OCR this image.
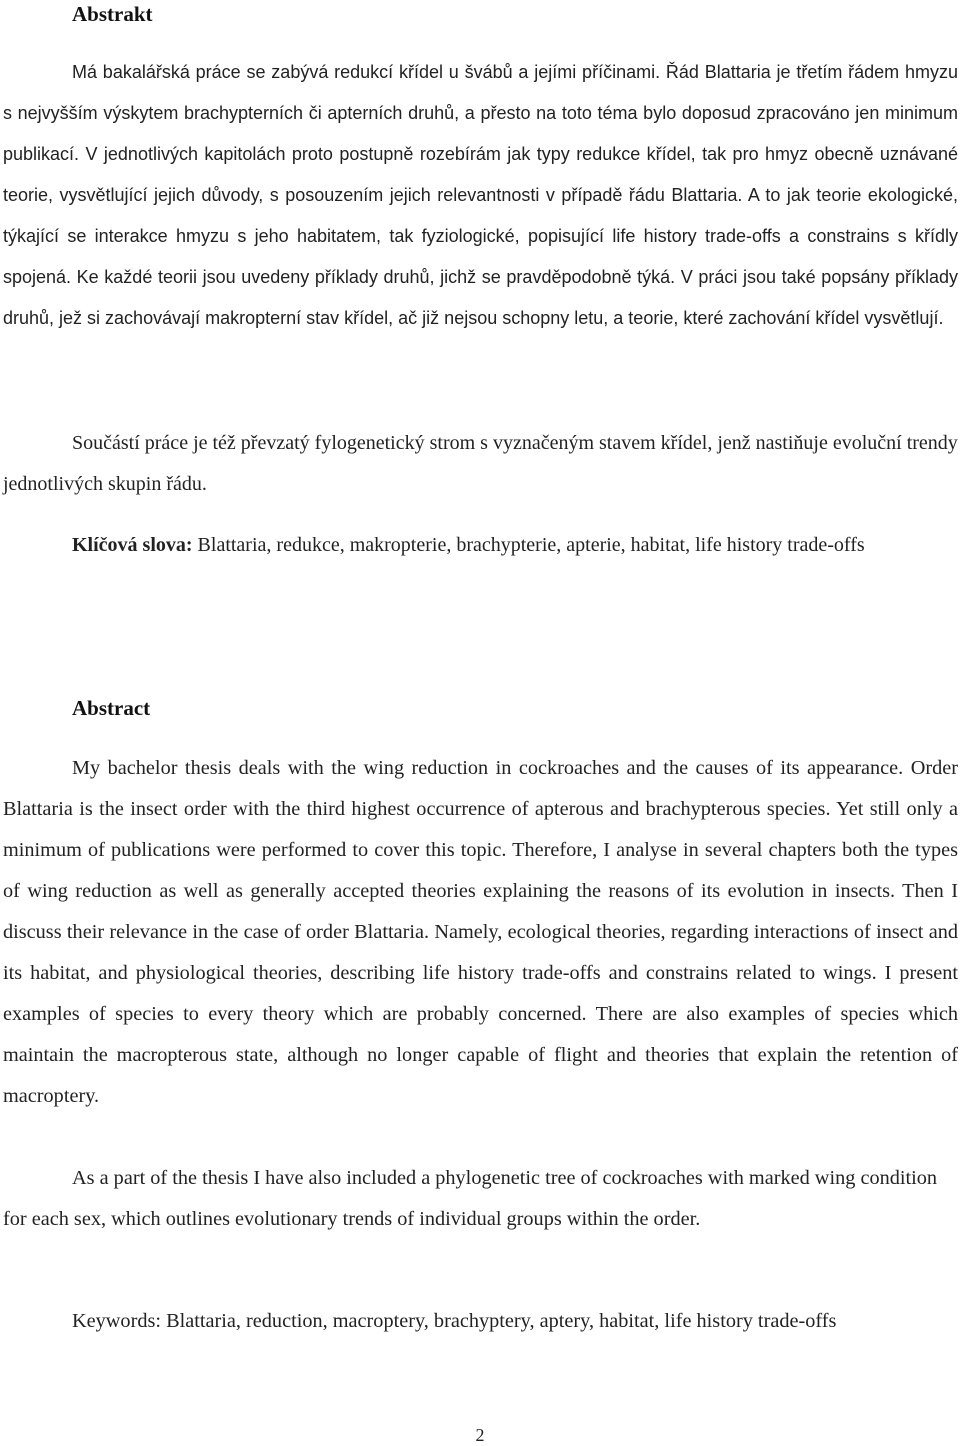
Abstrakt

Má bakalářská práce se zabývá redukcí křídel u švábů a jejími příčinami. Řád Blattaria je třetím řádem hmyzu s nejvyšším výskytem brachypterních či apterních druhů, a přesto na toto téma bylo doposud zpracováno jen minimum publikací. V jednotlivých kapitolách proto postupně rozebírám jak typy redukce křídel, tak pro hmyz obecně uznávané teorie, vysvětlující jejich důvody, s posouzením jejich relevantnosti v případě řádu Blattaria. A to jak teorie ekologické, týkající se interakce hmyzu s jeho habitatem, tak fyziologické, popisující life history trade-offs a constrains s křídly spojená. Ke každé teorii jsou uvedeny příklady druhů, jichž se pravděpodobně týká. V práci jsou také popsány příklady druhů, jež si zachovávají makropterní stav křídel, ač již nejsou schopny letu, a teorie, které zachování křídel vysvětlují.

Součástí práce je též převzatý fylogenetický strom s vyznačeným stavem křídel, jenž nastiňuje evoluční trendy jednotlivých skupin řádu.

Klíčová slova: Blattaria, redukce, makropterie, brachypterie, apterie, habitat, life history trade-offs

Abstract

My bachelor thesis deals with the wing reduction in cockroaches and the causes of its appearance. Order Blattaria is the insect order with the third highest occurrence of apterous and brachypterous species. Yet still only a minimum of publications were performed to cover this topic. Therefore, I analyse in several chapters both the types of wing reduction as well as generally accepted theories explaining the reasons of its evolution in insects. Then I discuss their relevance in the case of order Blattaria. Namely, ecological theories, regarding interactions of insect and its habitat, and physiological theories, describing life history trade-offs and constrains related to wings. I present examples of species to every theory which are probably concerned. There are also examples of species which maintain the macropterous state, although no longer capable of flight and theories that explain the retention of macroptery.

As a part of the thesis I have also included a phylogenetic tree of cockroaches with marked wing condition for each sex, which outlines evolutionary trends of individual groups within the order.

Keywords: Blattaria, reduction, macroptery, brachyptery, aptery, habitat, life history trade-offs

2
